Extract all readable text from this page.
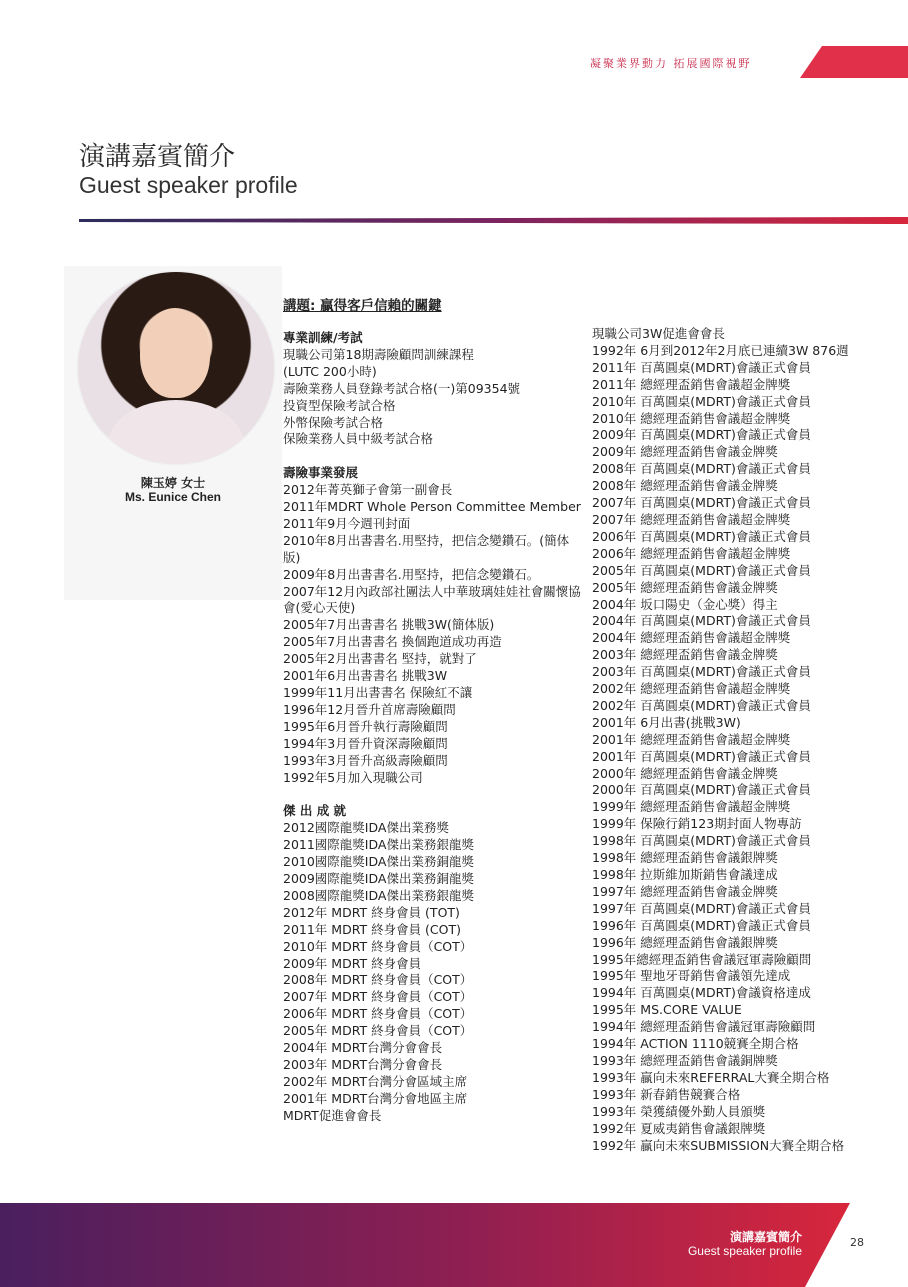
凝聚業界動力 拓展國際視野
演講嘉賓簡介
Guest speaker profile
陳玉婷 女士
Ms. Eunice Chen
講題: 贏得客戶信賴的關鍵
專業訓練/考試
現職公司第18期壽險顧問訓練課程
(LUTC 200小時)
壽險業務人員登錄考試合格(一)第09354號
投資型保險考試合格
外幣保險考試合格
保險業務人員中級考試合格
壽險事業發展
2012年菁英獅子會第一副會長
2011年MDRT Whole Person Committee Member
2011年9月今週刊封面
2010年8月出書書名.用堅持，把信念變鑽石。(簡体版)
2009年8月出書書名.用堅持，把信念變鑽石。
2007年12月內政部社團法人中華玻璃娃娃社會關懷協會(愛心天使)
2005年7月出書書名 挑戰3W(簡体版)
2005年7月出書書名 換個跑道成功再造
2005年2月出書書名 堅持，就對了
2001年6月出書書名 挑戰3W
1999年11月出書書名 保險紅不讓
1996年12月晉升首席壽險顧問
1995年6月晉升執行壽險顧問
1994年3月晉升資深壽險顧問
1993年3月晉升高級壽險顧問
1992年5月加入現職公司
傑 出 成 就
2012國際龍獎IDA傑出業務獎
2011國際龍獎IDA傑出業務銀龍獎
2010國際龍獎IDA傑出業務銅龍獎
2009國際龍獎IDA傑出業務銅龍獎
2008國際龍獎IDA傑出業務銀龍獎
2012年 MDRT 終身會員 (TOT)
2011年 MDRT 終身會員 (COT)
2010年 MDRT 終身會員（COT）
2009年 MDRT 終身會員
2008年 MDRT 終身會員（COT）
2007年 MDRT 終身會員（COT）
2006年 MDRT 終身會員（COT）
2005年 MDRT 終身會員（COT）
2004年 MDRT台灣分會會長
2003年 MDRT台灣分會會長
2002年 MDRT台灣分會區域主席
2001年 MDRT台灣分會地區主席
MDRT促進會會長
現職公司3W促進會會長
1992年 6月到2012年2月底已連續3W 876週
2011年 百萬圓桌(MDRT)會議正式會員
2011年 總經理盃銷售會議超金牌獎
2010年 百萬圓桌(MDRT)會議正式會員
2010年 總經理盃銷售會議超金牌獎
2009年 百萬圓桌(MDRT)會議正式會員
2009年 總經理盃銷售會議金牌獎
2008年 百萬圓桌(MDRT)會議正式會員
2008年 總經理盃銷售會議金牌獎
2007年 百萬圓桌(MDRT)會議正式會員
2007年 總經理盃銷售會議超金牌獎
2006年 百萬圓桌(MDRT)會議正式會員
2006年 總經理盃銷售會議超金牌獎
2005年 百萬圓桌(MDRT)會議正式會員
2005年 總經理盃銷售會議金牌獎
2004年 坂口陽史（金心獎）得主
2004年 百萬圓桌(MDRT)會議正式會員
2004年 總經理盃銷售會議超金牌獎
2003年 總經理盃銷售會議金牌獎
2003年 百萬圓桌(MDRT)會議正式會員
2002年 總經理盃銷售會議超金牌獎
2002年 百萬圓桌(MDRT)會議正式會員
2001年 6月出書(挑戰3W)
2001年 總經理盃銷售會議超金牌獎
2001年 百萬圓桌(MDRT)會議正式會員
2000年 總經理盃銷售會議金牌獎
2000年 百萬圓桌(MDRT)會議正式會員
1999年 總經理盃銷售會議超金牌獎
1999年 保險行銷123期封面人物專訪
1998年 百萬圓桌(MDRT)會議正式會員
1998年 總經理盃銷售會議銀牌獎
1998年 拉斯維加斯銷售會議達成
1997年 總經理盃銷售會議金牌獎
1997年 百萬圓桌(MDRT)會議正式會員
1996年 百萬圓桌(MDRT)會議正式會員
1996年 總經理盃銷售會議銀牌獎
1995年總經理盃銷售會議冠軍壽險顧問
1995年 聖地牙哥銷售會議領先達成
1994年 百萬圓桌(MDRT)會議資格達成
1995年 MS.CORE VALUE
1994年 總經理盃銷售會議冠軍壽險顧問
1994年 ACTION 1110競賽全期合格
1993年 總經理盃銷售會議銅牌獎
1993年 贏向未來REFERRAL大賽全期合格
1993年 新春銷售競賽合格
1993年 榮獲績優外勤人員頒獎
1992年 夏威夷銷售會議銀牌獎
1992年 贏向未來SUBMISSION大賽全期合格
演講嘉賓簡介
Guest speaker profile
28
